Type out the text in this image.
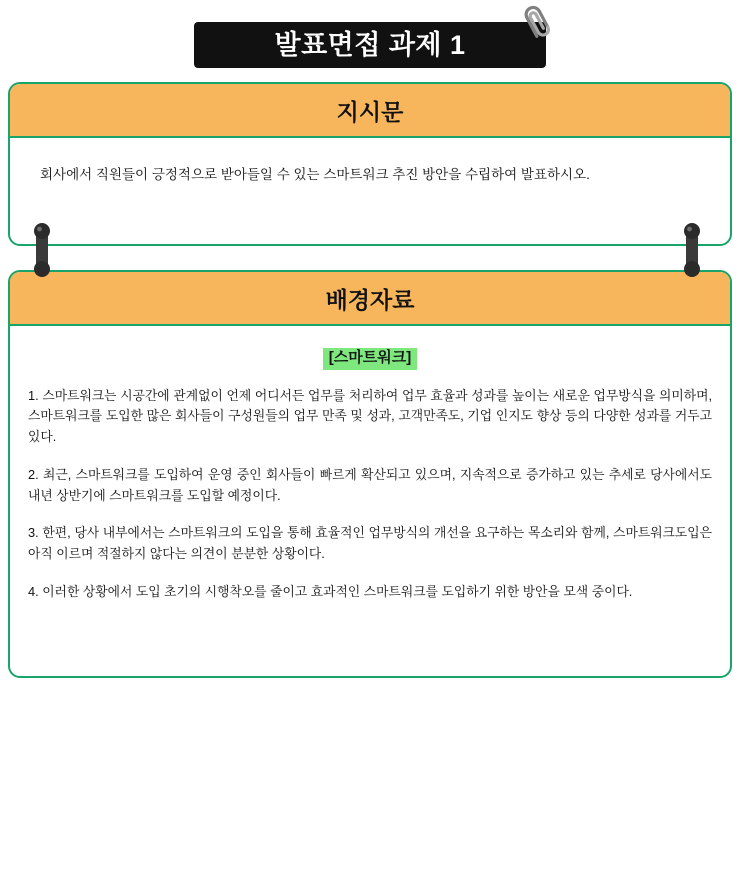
발표면접 과제 1
지시문
회사에서 직원들이 긍정적으로 받아들일 수 있는 스마트워크 추진 방안을 수립하여 발표하시오.
배경자료
[스마트워크]

1. 스마트워크는 시공간에 관계없이 언제 어디서든 업무를 처리하여 업무 효율과 성과를 높이는 새로운 업무방식을 의미하며, 스마트워크를 도입한 많은 회사들이 구성원들의 업무 만족 및 성과, 고객만족도, 기업 인지도 향상 등의 다양한 성과를 거두고 있다.

2. 최근, 스마트워크를 도입하여 운영 중인 회사들이 빠르게 확산되고 있으며, 지속적으로 증가하고 있는 추세로 당사에서도 내년 상반기에 스마트워크를 도입할 예정이다.

3. 한편, 당사 내부에서는 스마트워크의 도입을 통해 효율적인 업무방식의 개선을 요구하는 목소리와 함께, 스마트워크도입은 아직 이르며 적절하지 않다는 의견이 분분한 상황이다.

4. 이러한 상황에서 도입 초기의 시행착오를 줄이고 효과적인 스마트워크를 도입하기 위한 방안을 모색 중이다.
